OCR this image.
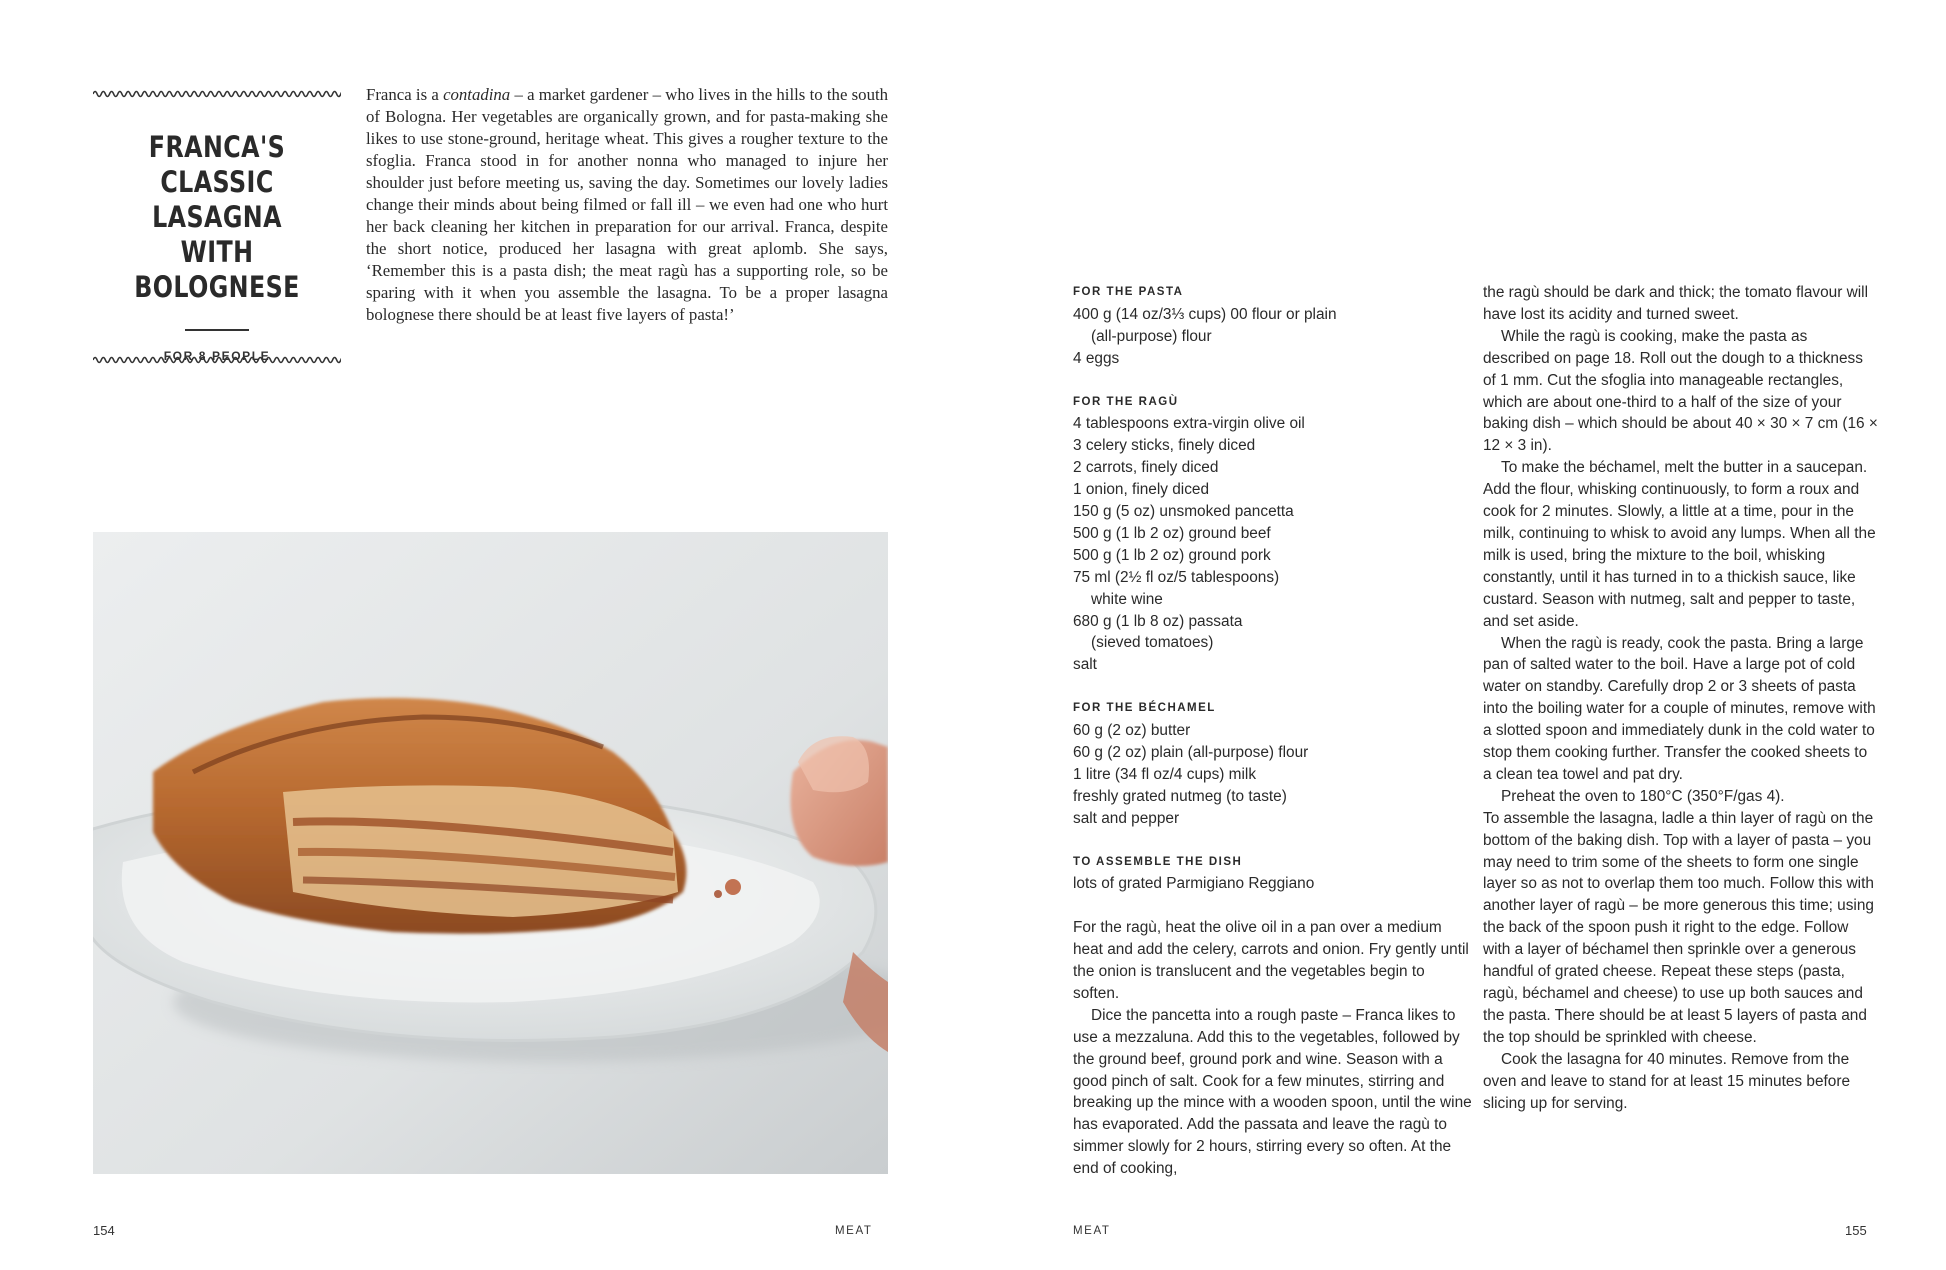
FRANCA'S CLASSIC
LASAGNA WITH
BOLOGNESE
FOR 8 PEOPLE

Franca is a contadina – a market gardener – who lives in the hills to the south of Bologna. Her vegetables are organically grown, and for pasta-making she likes to use stone-ground, heritage wheat. This gives a rougher texture to the sfoglia. Franca stood in for another nonna who managed to injure her shoulder just before meeting us, saving the day. Sometimes our lovely ladies change their minds about being filmed or fall ill – we even had one who hurt her back cleaning her kitchen in preparation for our arrival. Franca, despite the short notice, produced her lasagna with great aplomb. She says, ‘Remember this is a pasta dish; the meat ragù has a supporting role, so be sparing with it when you assemble the lasagna. To be a proper lasagna bolognese there should be at least five layers of pasta!’

154	MEAT
FOR THE PASTA
400 g (14 oz/3⅓ cups) 00 flour or plain
(all-purpose) flour
4 eggs
FOR THE RAGÙ
4 tablespoons extra-virgin olive oil
3 celery sticks, finely diced
2 carrots, finely diced
1 onion, finely diced
150 g (5 oz) unsmoked pancetta
500 g (1 lb 2 oz) ground beef
500 g (1 lb 2 oz) ground pork
75 ml (2½ fl oz/5 tablespoons)
white wine
680 g (1 lb 8 oz) passata
(sieved tomatoes)
salt
FOR THE BÉCHAMEL
60 g (2 oz) butter
60 g (2 oz) plain (all-purpose) flour
1 litre (34 fl oz/4 cups) milk
freshly grated nutmeg (to taste)
salt and pepper
TO ASSEMBLE THE DISH
lots of grated Parmigiano Reggiano

For the ragù, heat the olive oil in a pan over a medium heat and add the celery, carrots and onion. Fry gently until the onion is translucent and the vegetables begin to soften.

Dice the pancetta into a rough paste – Franca likes to use a mezzaluna. Add this to the vegetables, followed by the ground beef, ground pork and wine. Season with a good pinch of salt. Cook for a few minutes, stirring and breaking up the mince with a wooden spoon, until the wine has evaporated. Add the passata and leave the ragù to simmer slowly for 2 hours, stirring every so often. At the end of cooking,

the ragù should be dark and thick; the tomato flavour will have lost its acidity and turned sweet.

While the ragù is cooking, make the pasta as described on page 18. Roll out the dough to a thickness of 1 mm. Cut the sfoglia into manageable rectangles, which are about one-third to a half of the size of your baking dish – which should be about 40 × 30 × 7 cm (16 × 12 × 3 in).

To make the béchamel, melt the butter in a saucepan. Add the flour, whisking continuously, to form a roux and cook for 2 minutes. Slowly, a little at a time, pour in the milk, continuing to whisk to avoid any lumps. When all the milk is used, bring the mixture to the boil, whisking constantly, until it has turned in to a thickish sauce, like custard. Season with nutmeg, salt and pepper to taste, and set aside.

When the ragù is ready, cook the pasta. Bring a large pan of salted water to the boil. Have a large pot of cold water on standby. Carefully drop 2 or 3 sheets of pasta into the boiling water for a couple of minutes, remove with a slotted spoon and immediately dunk in the cold water to stop them cooking further. Transfer the cooked sheets to a clean tea towel and pat dry.

Preheat the oven to 180°C (350°F/gas 4).

To assemble the lasagna, ladle a thin layer of ragù on the bottom of the baking dish. Top with a layer of pasta – you may need to trim some of the sheets to form one single layer so as not to overlap them too much. Follow this with another layer of ragù – be more generous this time; using the back of the spoon push it right to the edge. Follow with a layer of béchamel then sprinkle over a generous handful of grated cheese. Repeat these steps (pasta, ragù, béchamel and cheese) to use up both sauces and the pasta. There should be at least 5 layers of pasta and the top should be sprinkled with cheese.

Cook the lasagna for 40 minutes. Remove from the oven and leave to stand for at least 15 minutes before slicing up for serving.

MEAT	155
